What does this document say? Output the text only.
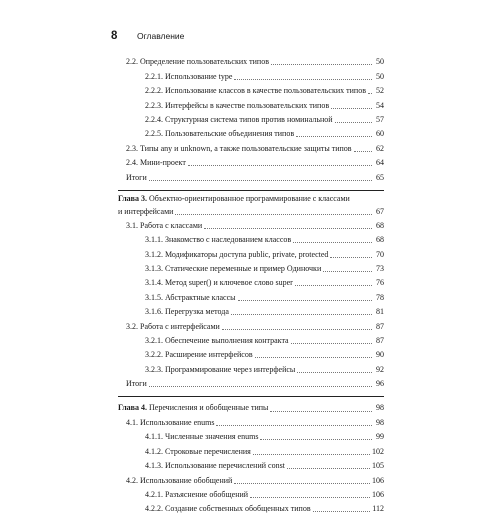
8	Оглавление
2.2. Определение пользовательских типов	50
2.2.1. Использование type	50
2.2.2. Использование классов в качестве пользовательских типов 52
2.2.3. Интерфейсы в качестве пользовательских типов	54
2.2.4. Структурная система типов против номинальной	57
2.2.5. Пользовательские объединения типов	60
2.3. Типы any и unknown, а также пользовательские защиты типов	62
2.4. Мини-проект	64
Итоги	65
Глава 3. Объектно-ориентированное программирование с классами
и интерфейсами	67
3.1. Работа с классами	68
3.1.1. Знакомство с наследованием классов	68
3.1.2. Модификаторы доступа public, private, protected	70
3.1.3. Статические переменные и пример Одиночки	73
3.1.4. Метод super() и ключевое слово super	76
3.1.5. Абстрактные классы	78
3.1.6. Перегрузка метода	81
3.2. Работа с интерфейсами	87
3.2.1. Обеспечение выполнения контракта	87
3.2.2. Расширение интерфейсов	90
3.2.3. Программирование через интерфейсы	92
Итоги	96
Глава 4. Перечисления и обобщенные типы	98
4.1. Использование enums	98
4.1.1. Численные значения enums	99
4.1.2. Строковые перечисления	102
4.1.3. Использование перечислений const	105
4.2. Использование обобщений	106
4.2.1. Разъяснение обобщений	106
4.2.2. Создание собственных обобщенных типов	112
